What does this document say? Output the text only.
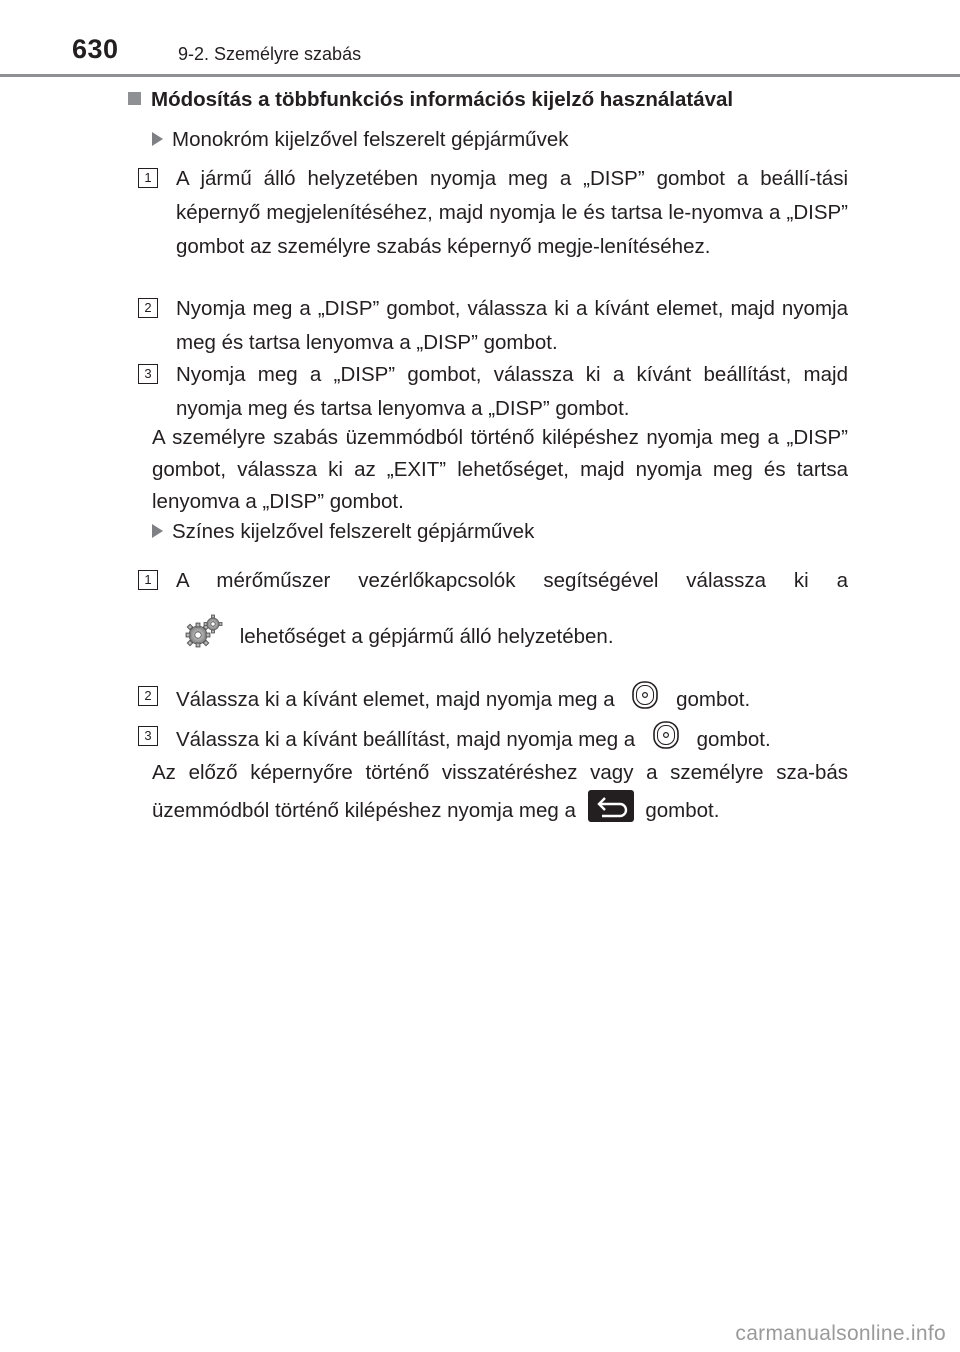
630	9-2. Személyre szabás
Módosítás a többfunkciós információs kijelző használatával
Monokróm kijelzővel felszerelt gépjárművek
1	A jármű álló helyzetében nyomja meg a „DISP” gombot a beállí-tási képernyő megjelenítéséhez, majd nyomja le és tartsa le-nyomva a „DISP” gombot az személyre szabás képernyő megje-lenítéséhez.
2	Nyomja meg a „DISP” gombot, válassza ki a kívánt elemet, majd nyomja meg és tartsa lenyomva a „DISP” gombot.
3	Nyomja meg a „DISP” gombot, válassza ki a kívánt beállítást, majd nyomja meg és tartsa lenyomva a „DISP” gombot.
A személyre szabás üzemmódból történő kilépéshez nyomja meg a „DISP” gombot, válassza ki az „EXIT” lehetőséget, majd nyomja meg és tartsa lenyomva a „DISP” gombot.
Színes kijelzővel felszerelt gépjárművek
1	A mérőműszer vezérlőkapcsolók segítségével válassza ki a
lehetőséget a gépjármű álló helyzetében.
2	Válassza ki a kívánt elemet, majd nyomja meg a	gombot.
3	Válassza ki a kívánt beállítást, majd nyomja meg a	gombot.
Az előző képernyőre történő visszatéréshez vagy a személyre sza-bás üzemmódból történő kilépéshez nyomja meg a	gombot.
carmanualsonline.info
